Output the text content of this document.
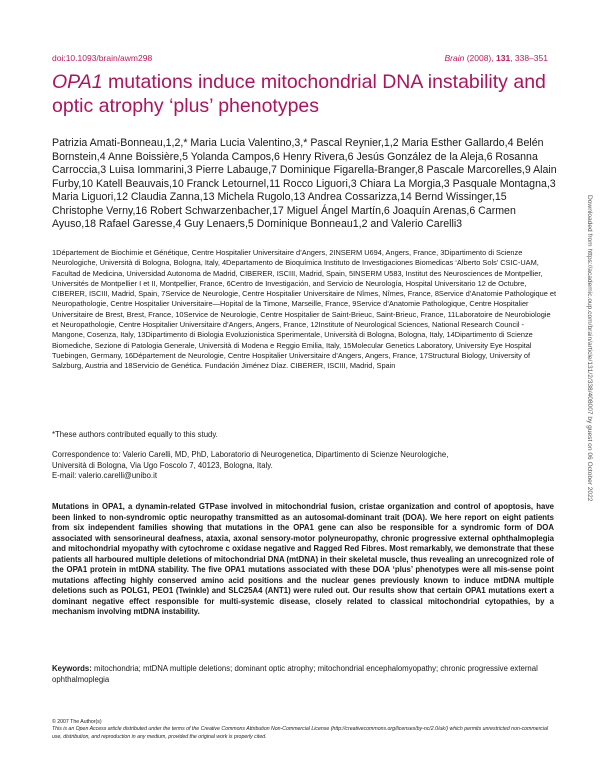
doi:10.1093/brain/awm298	Brain (2008), 131, 338–351
OPA1 mutations induce mitochondrial DNA instability and optic atrophy ‘plus’ phenotypes
Patrizia Amati-Bonneau,1,2,* Maria Lucia Valentino,3,* Pascal Reynier,1,2 Maria Esther Gallardo,4 Belén Bornstein,4 Anne Boissière,5 Yolanda Campos,6 Henry Rivera,6 Jesús González de la Aleja,6 Rosanna Carroccia,3 Luisa Iommarini,3 Pierre Labauge,7 Dominique Figarella-Branger,8 Pascale Marcorelles,9 Alain Furby,10 Katell Beauvais,10 Franck Letournel,11 Rocco Liguori,3 Chiara La Morgia,3 Pasquale Montagna,3 Maria Liguori,12 Claudia Zanna,13 Michela Rugolo,13 Andrea Cossarizza,14 Bernd Wissinger,15 Christophe Verny,16 Robert Schwarzenbacher,17 Miguel Ángel Martín,6 Joaquín Arenas,6 Carmen Ayuso,18 Rafael Garesse,4 Guy Lenaers,5 Dominique Bonneau1,2 and Valerio Carelli3
1Département de Biochimie et Génétique, Centre Hospitalier Universitaire d’Angers, 2INSERM U694, Angers, France, 3Dipartimento di Scienze Neurologiche, Università di Bologna, Bologna, Italy, 4Departamento de Bioquímica Instituto de Investigaciones Biomedicas ‘Alberto Sols’ CSIC-UAM, Facultad de Medicina, Universidad Autonoma de Madrid, CIBERER, ISCIII, Madrid, Spain, 5INSERM U583, Institut des Neurosciences de Montpellier, Universités de Montpellier I et II, Montpellier, France, 6Centro de Investigación, and Servicio de Neurología, Hospital Universitario 12 de Octubre, CIBERER, ISCIII, Madrid, Spain, 7Service de Neurologie, Centre Hospitalier Universitaire de Nîmes, Nîmes, France, 8Service d’Anatomie Pathologique et Neuropathologie, Centre Hospitalier Universitaire—Hopital de la Timone, Marseille, France, 9Service d’Anatomie Pathologique, Centre Hospitalier Universitaire de Brest, Brest, France, 10Service de Neurologie, Centre Hospitalier de Saint-Brieuc, Saint-Brieuc, France, 11Laboratoire de Neurobiologie et Neuropathologie, Centre Hospitalier Universitaire d’Angers, Angers, France, 12Institute of Neurological Sciences, National Research Council - Mangone, Cosenza, Italy, 13Dipartimento di Biologia Evoluzionistica Sperimentale, Università di Bologna, Bologna, Italy, 14Dipartimento di Scienze Biomediche, Sezione di Patologia Generale, Università di Modena e Reggio Emilia, Italy, 15Molecular Genetics Laboratory, University Eye Hospital Tuebingen, Germany, 16Département de Neurologie, Centre Hospitalier Universitaire d’Angers, Angers, France, 17Structural Biology, University of Salzburg, Austria and 18Servicio de Genética. Fundación Jiménez Díaz. CIBERER, ISCIII, Madrid, Spain
*These authors contributed equally to this study.
Correspondence to: Valerio Carelli, MD, PhD, Laboratorio di Neurogenetica, Dipartimento di Scienze Neurologiche,
Università di Bologna, Via Ugo Foscolo 7, 40123, Bologna, Italy.
E-mail: valerio.carelli@unibo.it
Mutations in OPA1, a dynamin-related GTPase involved in mitochondrial fusion, cristae organization and control of apoptosis, have been linked to non-syndromic optic neuropathy transmitted as an autosomal-dominant trait (DOA). We here report on eight patients from six independent families showing that mutations in the OPA1 gene can also be responsible for a syndromic form of DOA associated with sensorineural deafness, ataxia, axonal sensory-motor polyneuropathy, chronic progressive external ophthalmoplegia and mitochondrial myopathy with cytochrome c oxidase negative and Ragged Red Fibres. Most remarkably, we demonstrate that these patients all harboured multiple deletions of mitochondrial DNA (mtDNA) in their skeletal muscle, thus revealing an unrecognized role of the OPA1 protein in mtDNA stability. The five OPA1 mutations associated with these DOA ‘plus’ phenotypes were all mis-sense point mutations affecting highly conserved amino acid positions and the nuclear genes previously known to induce mtDNA multiple deletions such as POLG1, PEO1 (Twinkle) and SLC25A4 (ANT1) were ruled out. Our results show that certain OPA1 mutations exert a dominant negative effect responsible for multi-systemic disease, closely related to classical mitochondrial cytopathies, by a mechanism involving mtDNA instability.
Keywords: mitochondria; mtDNA multiple deletions; dominant optic atrophy; mitochondrial encephalomyopathy; chronic progressive external ophthalmoplegia
© 2007 The Author(s)
This is an Open Access article distributed under the terms of the Creative Commons Attribution Non-Commercial License (http://creativecommons.org/licenses/by-nc/2.0/uk/) which permits unrestricted non-commercial use, distribution, and reproduction in any medium, provided the original work is properly cited.
Downloaded from https://academic.oup.com/brain/article/131/2/338/408007 by guest on 06 October 2022
